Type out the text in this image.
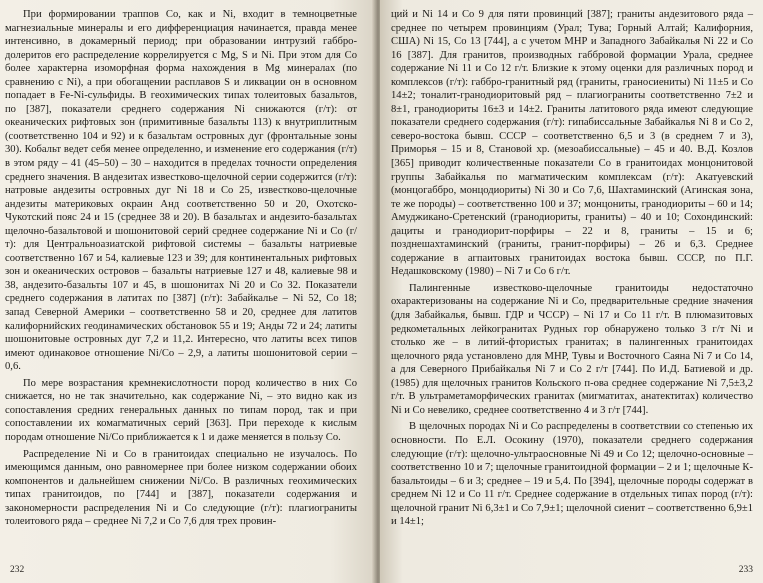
При формировании траппов Со, как и Ni, входит в темноцветные магнезиальные минералы и его дифференциация начинается, правда менее интенсивно, в докамерный период; при образовании интрузий габбро-долеритов его распределение коррелируется с Mg, S и Ni. При этом для Со более характерна изоморфная форма нахождения в Mg минералах (по сравнению с Ni), а при обогащении расплавов S и ликвации он в основном попадает в Fe-Ni-сульфиды. В геохимических типах толеитовых базальтов, по [387], показатели среднего содержания Ni снижаются (г/т): от океанических рифтовых зон (примитивные базальты 113) к внутриплитным (соответственно 104 и 92) и к базальтам островных дуг (фронтальные зоны 30). Кобальт ведет себя менее определенно, и изменение его содержания (г/т) в этом ряду – 41 (45–50) – 30 – находится в пределах точности определения среднего значения. В андезитах известково-щелочной серии содержится (г/т): натровые андезиты островных дуг Ni 18 и Со 25, известково-щелочные андезиты материковых окраин Анд соответственно 50 и 20, Охотско-Чукотский пояс 24 и 15 (среднее 38 и 20). В базальтах и андезито-базальтах щелочно-базальтовой и шошонитовой серий среднее содержание Ni и Со (г/т): для Центральноазиатской рифтовой системы – базальты натриевые соответственно 167 и 54, калиевые 123 и 39; для континентальных рифтовых зон и океанических островов – базальты натриевые 127 и 48, калиевые 98 и 38, андезито-базальты 107 и 45, в шошонитах Ni 20 и Со 32. Показатели среднего содержания в латитах по [387] (г/т): Забайкалье – Ni 52, Со 18; запад Северной Америки – соответственно 58 и 20, среднее для латитов калифорнийских геодинамических обстановок 55 и 19; Анды 72 и 24; латиты шошонитовые островных дуг 7,2 и 11,2. Интересно, что латиты всех типов имеют одинаковое отношение Ni/Со – 2,9, а латиты шошонитовой серии – 0,6.

По мере возрастания кремнекислотности пород количество в них Со снижается, но не так значительно, как содержание Ni, – это видно как из сопоставления средних генеральных данных по типам пород, так и при сопоставлении их комагматичных серий [363]. При переходе к кислым породам отношение Ni/Со приближается к 1 и даже меняется в пользу Со.

Распределение Ni и Со в гранитоидах специально не изучалось. По имеющимся данным, оно равномернее при более низком содержании обоих компонентов и дальнейшем снижении Ni/Со. В различных геохимических типах гранитоидов, по [744] и [387], показатели содержания и закономерности распределения Ni и Со следующие (г/т): плагиограниты толеитового ряда – среднее Ni 7,2 и Со 7,6 для трех провин-

232

ций и Ni 14 и Со 9 для пяти провинций [387]; граниты андезитового ряда – среднее по четырем провинциям (Урал; Тува; Горный Алтай; Калифорния, США) Ni 15, Со 13 [744], а с учетом МНР и Западного Забайкалья Ni 22 и Со 16 [387]. Для гранитов, производных габбровой формации Урала, среднее содержание Ni 11 и Со 12 г/т. Близкие к этому оценки для различных пород и комплексов (г/т): габбро-гранитный ряд (граниты, граносиениты) Ni 11±5 и Со 14±2; тоналит-гранодиоритовый ряд – плагиограниты соответственно 7±2 и 8±1, гранодиориты 16±3 и 14±2. Граниты латитового ряда имеют следующие показатели среднего содержания (г/т): гипабиссальные Забайкалья Ni 8 и Со 2, северо-востока бывш. СССР – соответственно 6,5 и 3 (в среднем 7 и 3), Приморья – 15 и 8, Становой хр. (мезоабиссальные) – 45 и 40. В.Д. Козлов [365] приводит количественные показатели Со в гранитоидах монцонитовой группы Забайкалья по магматическим комплексам (г/т): Акатуевский (монцогаббро, монцодиориты) Ni 30 и Со 7,6, Шахтаминский (Агинская зона, те же породы) – соответственно 100 и 37; монцониты, гранодиориты – 60 и 14; Амуджикано-Сретенский (гранодиориты, граниты) – 40 и 10; Сохондинский: дациты и гранодиорит-порфиры – 22 и 8, граниты – 15 и 6; позднешахтаминский (граниты, гранит-порфиры) – 26 и 6,3. Среднее содержание в агпаитовых гранитоидах востока бывш. СССР, по П.Г. Недашковскому (1980) – Ni 7 и Со 6 г/т.

Палингенные известково-щелочные гранитоиды недостаточно охарактеризованы на содержание Ni и Со, предварительные средние значения (для Забайкалья, бывш. ГДР и ЧССР) – Ni 17 и Со 11 г/т. В плюмазитовых редкометальных лейкогранитах Рудных гор обнаружено только 3 г/т Ni и столько же – в литий-фтористых гранитах; в палингенных гранитоидах щелочного ряда установлено для МНР, Тувы и Восточного Саяна Ni 7 и Со 14, а для Северного Прибайкалья Ni 7 и Со 2 г/т [744]. По И.Д. Батиевой и др. (1985) для щелочных гранитов Кольского п-ова среднее содержание Ni 7,5±3,2 г/т. В ультраметаморфических гранитах (мигматитах, анатектитах) количество Ni и Со невелико, среднее соответственно 4 и 3 г/т [744].

В щелочных породах Ni и Со распределены в соответствии со степенью их основности. По Е.Л. Осокину (1970), показатели среднего содержания следующие (г/т): щелочно-ультраосновные Ni 49 и Со 12; щелочно-основные – соответственно 10 и 7; щелочные гранитоидной формации – 2 и 1; щелочные К-базальтоиды – 6 и 3; среднее – 19 и 5,4. По [394], щелочные породы содержат в среднем Ni 12 и Со 11 г/т. Среднее содержание в отдельных типах пород (г/т): щелочной гранит Ni 6,3±1 и Со 7,9±1; щелочной сиенит – соответственно 6,9±1 и 14±1;

233
